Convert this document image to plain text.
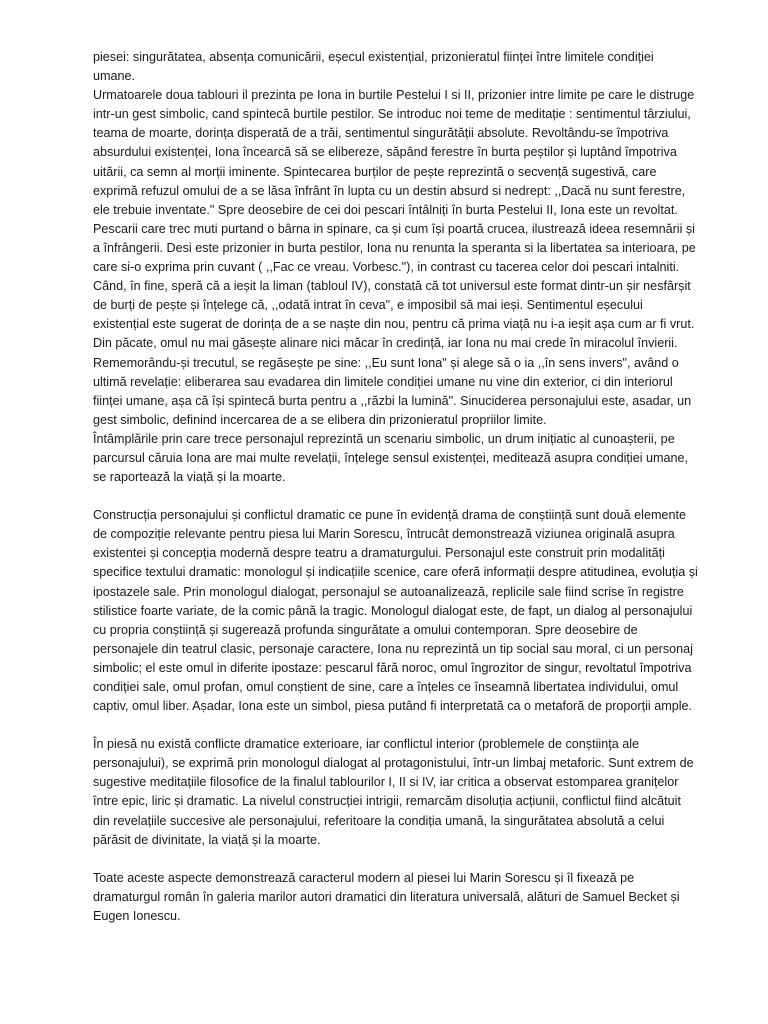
piesei: singurătatea, absența comunicării, eșecul existențial, prizonieratul ființei între limitele condiției umane.

Urmatoarele doua tablouri il prezinta pe Iona in burtile Pestelui I si II, prizonier intre limite pe care le distruge intr-un gest simbolic, cand spintecă burtile pestilor. Se introduc noi teme de meditație : sentimentul târziului, teama de moarte, dorința disperată de a trăi, sentimentul singurătății absolute. Revoltându-se împotriva absurdului existenței, Iona încearcă să se elibereze, săpând ferestre în burta peștilor și luptând împotriva uitării, ca semn al morții iminente. Spintecarea burților de pește reprezintă o secvență sugestivă, care exprimă refuzul omului de a se lăsa înfrânt în lupta cu un destin absurd si nedrept: ,,Dacă nu sunt ferestre, ele trebuie inventate." Spre deosebire de cei doi pescari întâlniți în burta Pestelui II, Iona este un revoltat. Pescarii care trec muti purtand o bârna in spinare, ca și cum își poartă crucea, ilustrează ideea resemnării și a înfrângerii. Desi este prizonier in burta pestilor, Iona nu renunta la speranta si la libertatea sa interioara, pe care si-o exprima prin cuvant ( ,,Fac ce vreau. Vorbesc."), in contrast cu tacerea celor doi pescari intalniti.

Când, în fine, speră că a ieșit la liman (tabloul IV), constată că tot universul este format dintr-un șir nesfârșit de burți de pește și înțelege că, ,,odată intrat în ceva", e imposibil să mai ieși. Sentimentul eșecului existențial este sugerat de dorința de a se naște din nou, pentru că prima viață nu i-a ieșit așa cum ar fi vrut. Din păcate, omul nu mai găsește alinare nici măcar în credință, iar Iona nu mai crede în miracolul învierii. Rememorându-și trecutul, se regăsește pe sine: ,,Eu sunt Iona" și alege să o ia ,,în sens invers", având o ultimă revelație: eliberarea sau evadarea din limitele condiției umane nu vine din exterior, ci din interiorul ființei umane, așa că își spintecă burta pentru a ,,răzbi la lumină". Sinuciderea personajului este, asadar, un gest simbolic, definind incercarea de a se elibera din prizonieratul propriilor limite.

Întâmplările prin care trece personajul reprezintă un scenariu simbolic, un drum inițiatic al cunoașterii, pe parcursul căruia Iona are mai multe revelații, înțelege sensul existenței, meditează asupra condiției umane, se raportează la viață și la moarte.

Construcția personajului și conflictul dramatic ce pune în evidență drama de conștiință sunt două elemente de compoziție relevante pentru piesa lui Marin Sorescu, întrucât demonstrează viziunea originală asupra existentei și concepția modernă despre teatru a dramaturgului. Personajul este construit prin modalități specifice textului dramatic: monologul și indicațiile scenice, care oferă informații despre atitudinea, evoluția și ipostazele sale. Prin monologul dialogat, personajul se autoanalizează, replicile sale fiind scrise în registre stilistice foarte variate, de la comic până la tragic. Monologul dialogat este, de fapt, un dialog al personajului cu propria conștiință și sugerează profunda singurătate a omului contemporan. Spre deosebire de personajele din teatrul clasic, personaje caractere, Iona nu reprezintă un tip social sau moral, ci un personaj simbolic; el este omul in diferite ipostaze: pescarul fără noroc, omul îngrozitor de singur, revoltatul împotriva condiției sale, omul profan, omul conștient de sine, care a înțeles ce înseamnă libertatea individului, omul captiv, omul liber. Așadar, Iona este un simbol, piesa putând fi interpretată ca o metaforă de proporții ample.

În piesă nu există conflicte dramatice exterioare, iar conflictul interior (problemele de conștiința ale personajului), se exprimă prin monologul dialogat al protagonistului, într-un limbaj metaforic. Sunt extrem de sugestive meditațiile filosofice de la finalul tablourilor I, II si IV, iar critica a observat estomparea granițelor între epic, liric și dramatic. La nivelul construcției intrigii, remarcăm disoluția acțiunii, conflictul fiind alcătuit din revelațiile succesive ale personajului, referitoare la condiția umană, la singurătatea absolută a celui părăsit de divinitate, la viață și la moarte.

Toate aceste aspecte demonstrează caracterul modern al piesei lui Marin Sorescu și îl fixează pe dramaturgul român în galeria marilor autori dramatici din literatura universală, alături de Samuel Becket și Eugen Ionescu.
